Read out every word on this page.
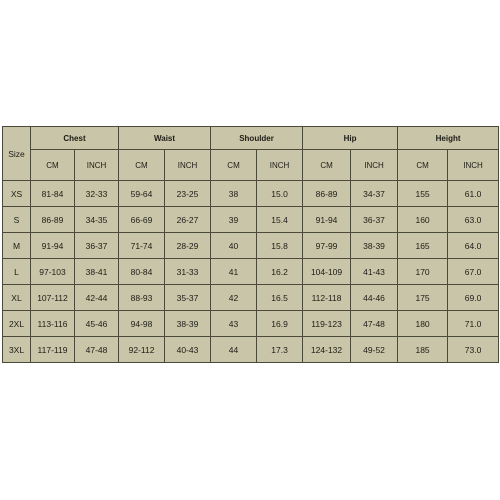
Size	Chest		Waist		Shoulder		Hip		Height	
	CM	INCH	CM	INCH	CM	INCH	CM	INCH	CM	INCH
XS	81-84	32-33	59-64	23-25	38	15.0	86-89	34-37	155	61.0
S	86-89	34-35	66-69	26-27	39	15.4	91-94	36-37	160	63.0
M	91-94	36-37	71-74	28-29	40	15.8	97-99	38-39	165	64.0
L	97-103	38-41	80-84	31-33	41	16.2	104-109	41-43	170	67.0
XL	107-112	42-44	88-93	35-37	42	16.5	112-118	44-46	175	69.0
2XL	113-116	45-46	94-98	38-39	43	16.9	119-123	47-48	180	71.0
3XL	117-119	47-48	92-112	40-43	44	17.3	124-132	49-52	185	73.0
